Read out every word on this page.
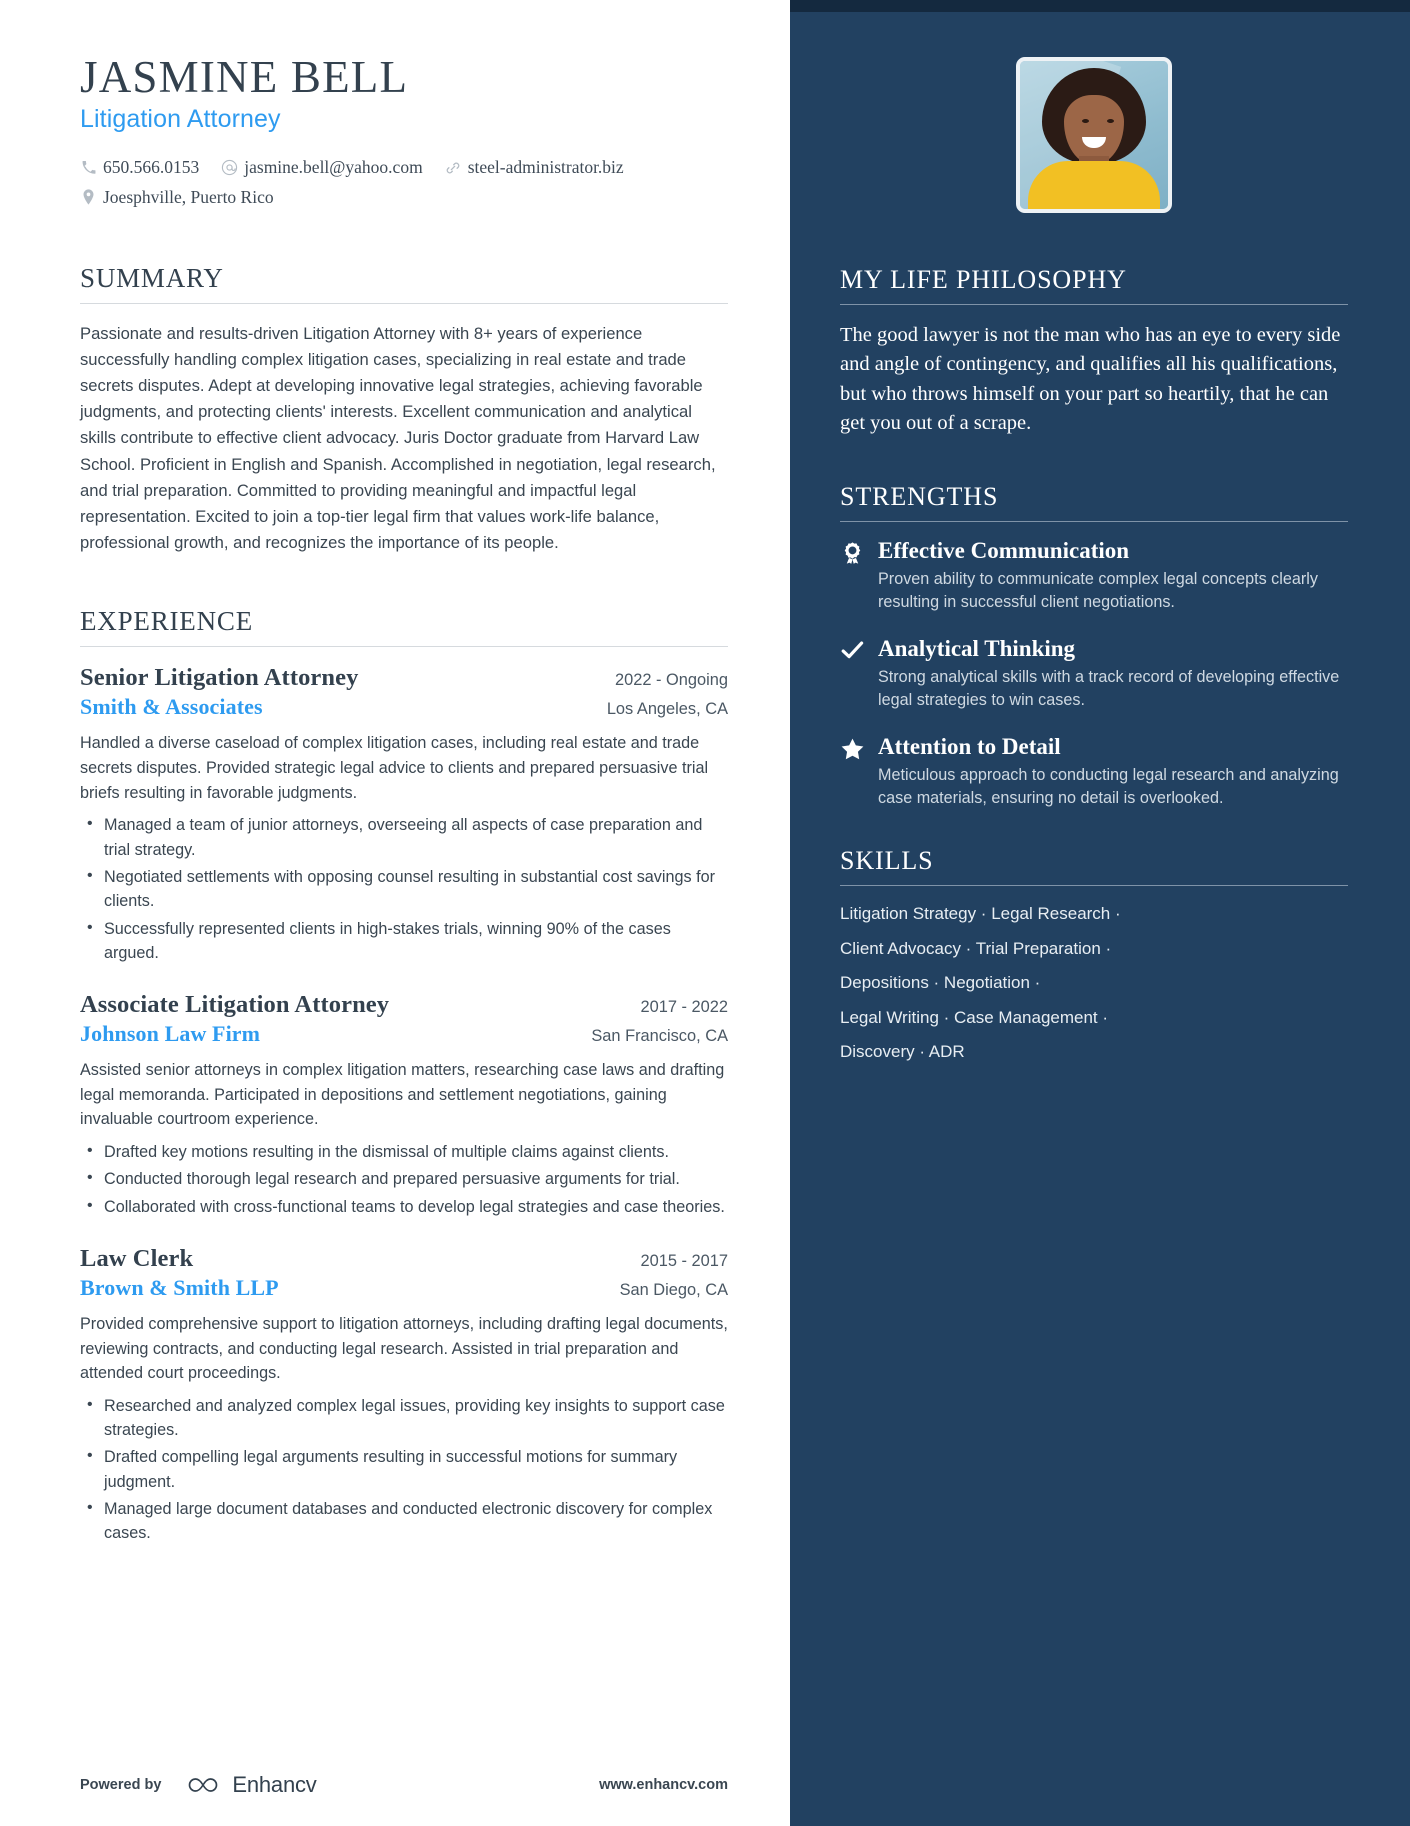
JASMINE BELL
Litigation Attorney
650.566.0153	jasmine.bell@yahoo.com	steel-administrator.biz
Joesphville, Puerto Rico
SUMMARY
Passionate and results-driven Litigation Attorney with 8+ years of experience successfully handling complex litigation cases, specializing in real estate and trade secrets disputes. Adept at developing innovative legal strategies, achieving favorable judgments, and protecting clients' interests. Excellent communication and analytical skills contribute to effective client advocacy. Juris Doctor graduate from Harvard Law School. Proficient in English and Spanish. Accomplished in negotiation, legal research, and trial preparation. Committed to providing meaningful and impactful legal representation. Excited to join a top-tier legal firm that values work-life balance, professional growth, and recognizes the importance of its people.
EXPERIENCE
Senior Litigation Attorney	2022 - Ongoing
Smith & Associates	Los Angeles, CA
Handled a diverse caseload of complex litigation cases, including real estate and trade secrets disputes. Provided strategic legal advice to clients and prepared persuasive trial briefs resulting in favorable judgments.
• Managed a team of junior attorneys, overseeing all aspects of case preparation and trial strategy.
• Negotiated settlements with opposing counsel resulting in substantial cost savings for clients.
• Successfully represented clients in high-stakes trials, winning 90% of the cases argued.
Associate Litigation Attorney	2017 - 2022
Johnson Law Firm	San Francisco, CA
Assisted senior attorneys in complex litigation matters, researching case laws and drafting legal memoranda. Participated in depositions and settlement negotiations, gaining invaluable courtroom experience.
• Drafted key motions resulting in the dismissal of multiple claims against clients.
• Conducted thorough legal research and prepared persuasive arguments for trial.
• Collaborated with cross-functional teams to develop legal strategies and case theories.
Law Clerk	2015 - 2017
Brown & Smith LLP	San Diego, CA
Provided comprehensive support to litigation attorneys, including drafting legal documents, reviewing contracts, and conducting legal research. Assisted in trial preparation and attended court proceedings.
• Researched and analyzed complex legal issues, providing key insights to support case strategies.
• Drafted compelling legal arguments resulting in successful motions for summary judgment.
• Managed large document databases and conducted electronic discovery for complex cases.
Powered by	Enhancv	www.enhancv.com
MY LIFE PHILOSOPHY
The good lawyer is not the man who has an eye to every side and angle of contingency, and qualifies all his qualifications, but who throws himself on your part so heartily, that he can get you out of a scrape.
STRENGTHS
Effective Communication
Proven ability to communicate complex legal concepts clearly resulting in successful client negotiations.
Analytical Thinking
Strong analytical skills with a track record of developing effective legal strategies to win cases.
Attention to Detail
Meticulous approach to conducting legal research and analyzing case materials, ensuring no detail is overlooked.
SKILLS
Litigation Strategy · Legal Research ·
Client Advocacy · Trial Preparation ·
Depositions · Negotiation ·
Legal Writing · Case Management ·
Discovery · ADR
